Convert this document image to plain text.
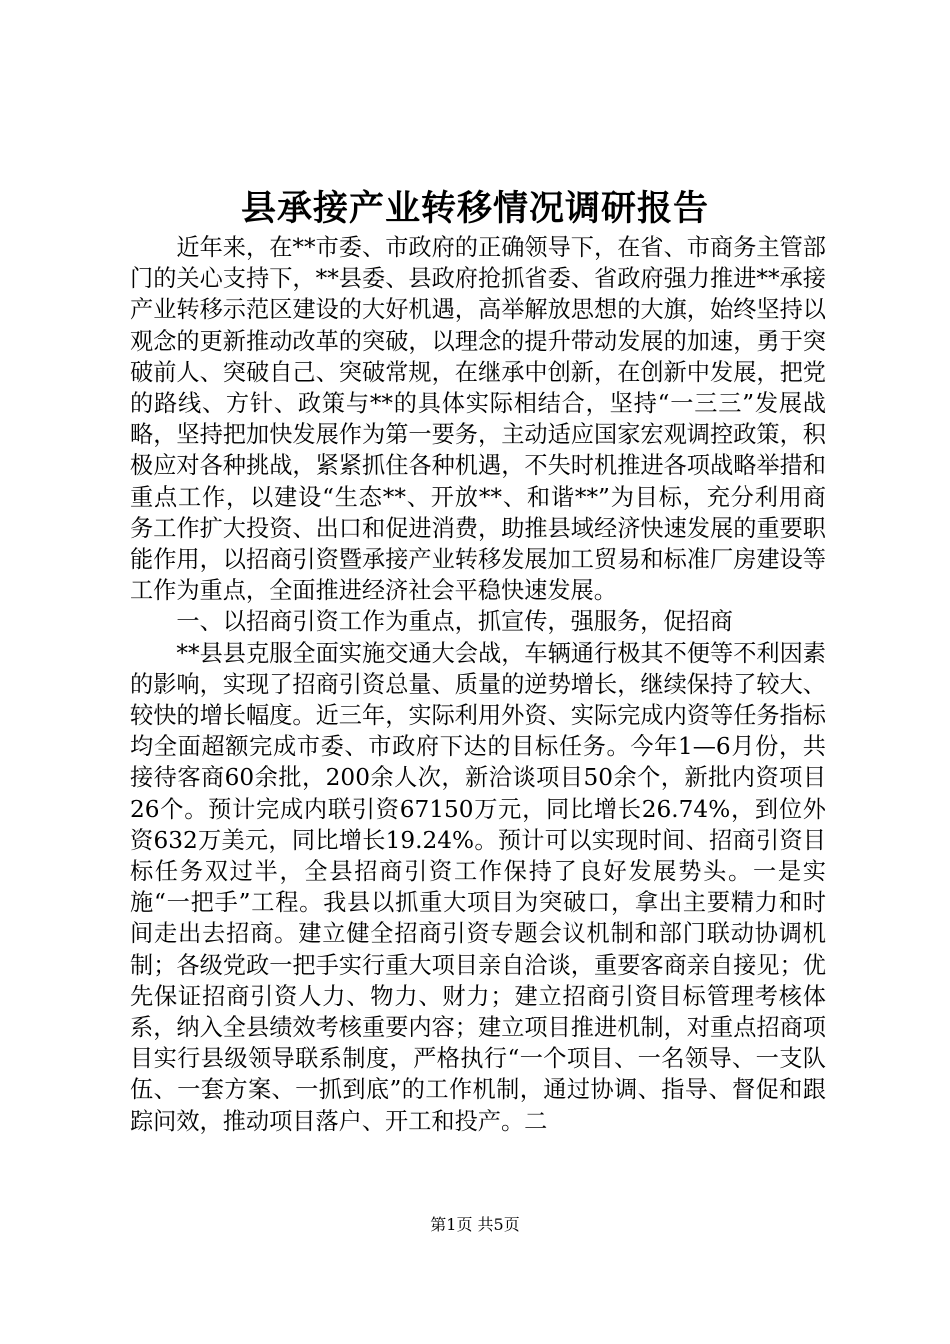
县承接产业转移情况调研报告

近年来，在**市委、市政府的正确领导下，在省、市商务主管部门的关心支持下，**县委、县政府抢抓省委、省政府强力推进**承接产业转移示范区建设的大好机遇，高举解放思想的大旗，始终坚持以观念的更新推动改革的突破，以理念的提升带动发展的加速，勇于突破前人、突破自己、突破常规，在继承中创新，在创新中发展，把党的路线、方针、政策与**的具体实际相结合，坚持“一三三”发展战略，坚持把加快发展作为第一要务，主动适应国家宏观调控政策，积极应对各种挑战，紧紧抓住各种机遇，不失时机推进各项战略举措和重点工作，以建设“生态**、开放**、和谐**”为目标，充分利用商务工作扩大投资、出口和促进消费，助推县域经济快速发展的重要职能作用，以招商引资暨承接产业转移发展加工贸易和标准厂房建设等工作为重点，全面推进经济社会平稳快速发展。

一、以招商引资工作为重点，抓宣传，强服务，促招商

**县县克服全面实施交通大会战，车辆通行极其不便等不利因素的影响，实现了招商引资总量、质量的逆势增长，继续保持了较大、较快的增长幅度。近三年，实际利用外资、实际完成内资等任务指标均全面超额完成市委、市政府下达的目标任务。今年1—6月份，共接待客商60余批，200余人次，新洽谈项目50余个，新批内资项目26个。预计完成内联引资67150万元，同比增长26.74%，到位外资632万美元，同比增长19.24%。预计可以实现时间、招商引资目标任务双过半，全县招商引资工作保持了良好发展势头。一是实施“一把手”工程。我县以抓重大项目为突破口，拿出主要精力和时间走出去招商。建立健全招商引资专题会议机制和部门联动协调机制；各级党政一把手实行重大项目亲自洽谈，重要客商亲自接见；优先保证招商引资人力、物力、财力；建立招商引资目标管理考核体系，纳入全县绩效考核重要内容；建立项目推进机制，对重点招商项目实行县级领导联系制度，严格执行“一个项目、一名领导、一支队伍、一套方案、一抓到底”的工作机制，通过协调、指导、督促和跟踪问效，推动项目落户、开工和投产。二

第1页 共5页
